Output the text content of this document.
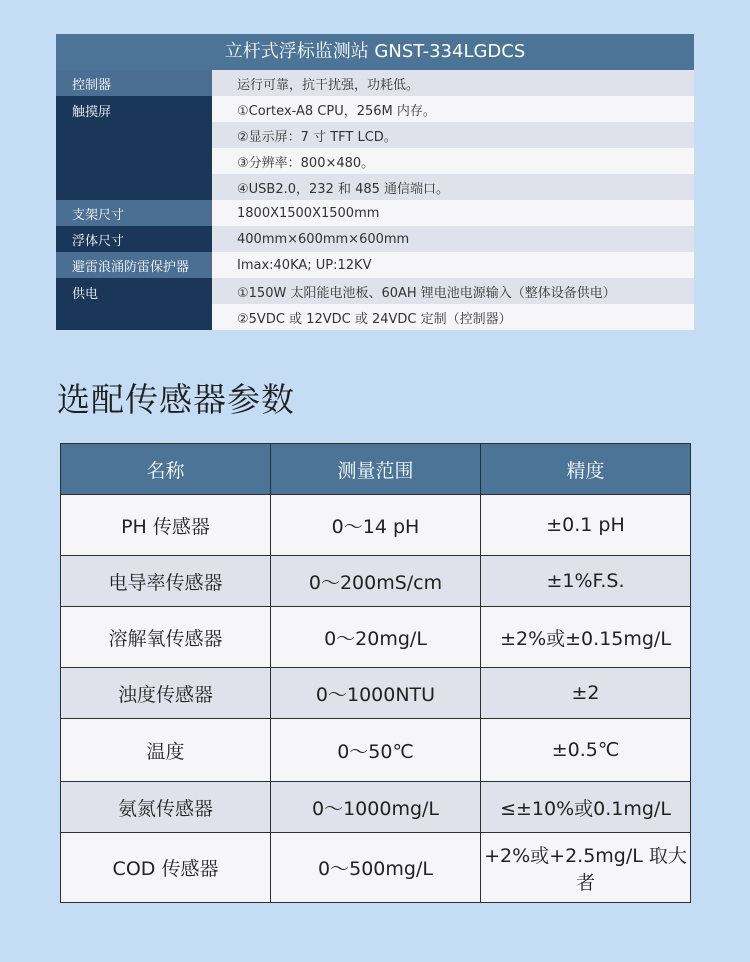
立杆式浮标监测站 GNST-334LGDCS
控制器	运行可靠，抗干扰强，功耗低。
触摸屏	①Cortex-A8 CPU，256M 内存。
	②显示屏：7 寸 TFT LCD。
	③分辨率：800×480。
	④USB2.0，232 和 485 通信端口。
支架尺寸	1800X1500X1500mm
浮体尺寸	400mm×600mm×600mm
避雷浪涌防雷保护器	Imax:40KA; UP:12KV
供电	①150W 太阳能电池板、60AH 锂电池电源输入（整体设备供电）
	②5VDC 或 12VDC 或 24VDC 定制（控制器）
选配传感器参数
名称	测量范围	精度
PH 传感器	0～14 pH	±0.1 pH
电导率传感器	0～200mS/cm	±1%F.S.
溶解氧传感器	0～20mg/L	±2%或±0.15mg/L
浊度传感器	0～1000NTU	±2
温度	0～50℃	±0.5℃
氨氮传感器	0～1000mg/L	≤±10%或0.1mg/L
COD 传感器	0～500mg/L	+2%或+2.5mg/L 取大者
